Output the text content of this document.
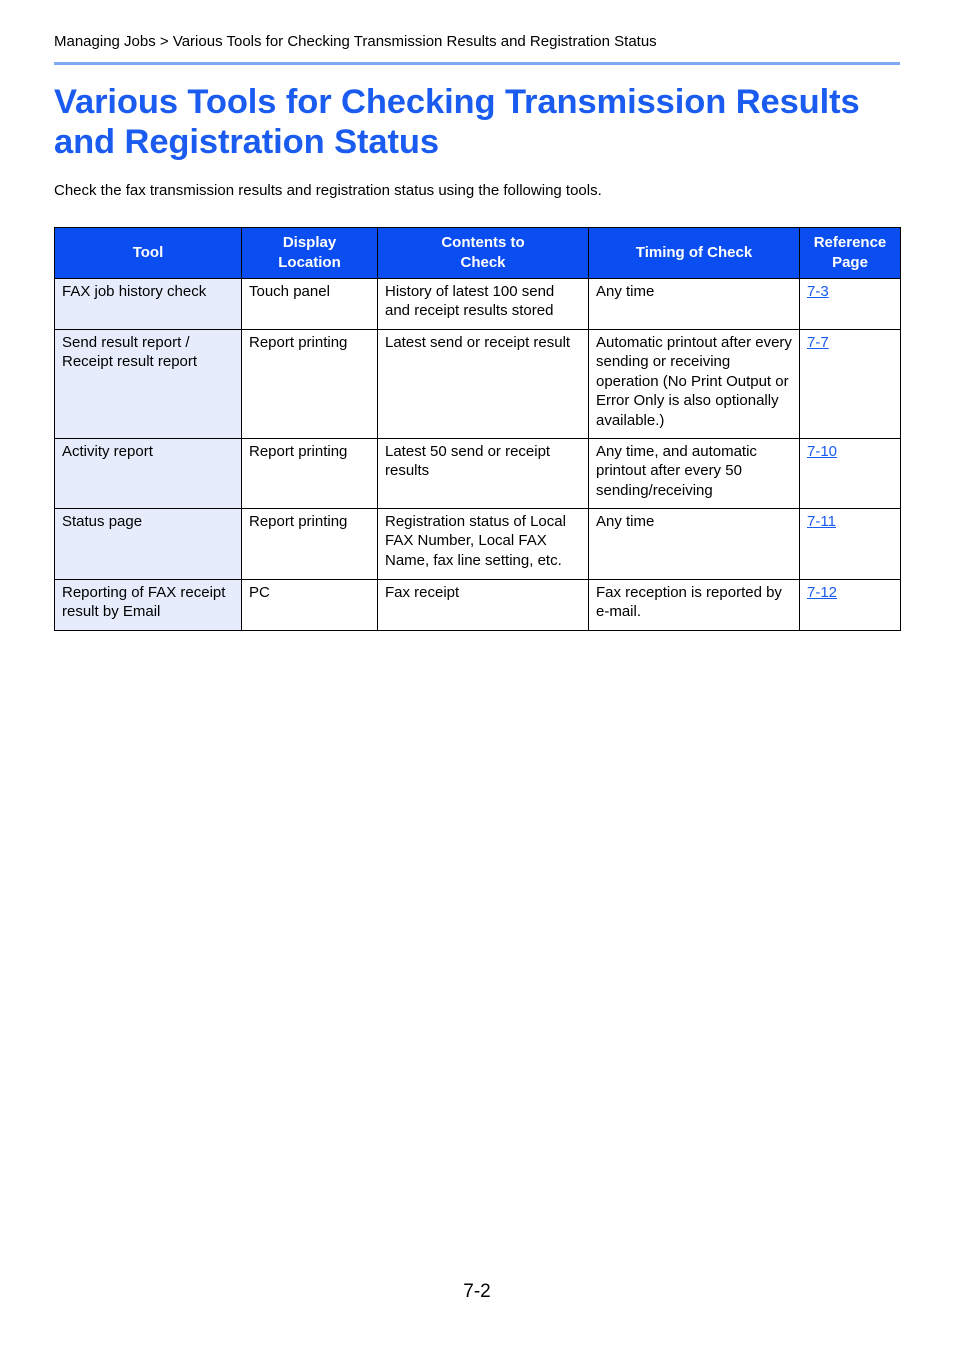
Managing Jobs > Various Tools for Checking Transmission Results and Registration Status
Various Tools for Checking Transmission Results and Registration Status
Check the fax transmission results and registration status using the following tools.
Tool	Display Location	Contents to Check	Timing of Check	Reference Page
FAX job history check	Touch panel	History of latest 100 send and receipt results stored	Any time	7-3
Send result report / Receipt result report	Report printing	Latest send or receipt result	Automatic printout after every sending or receiving operation (No Print Output or Error Only is also optionally available.)	7-7
Activity report	Report printing	Latest 50 send or receipt results	Any time, and automatic printout after every 50 sending/receiving	7-10
Status page	Report printing	Registration status of Local FAX Number, Local FAX Name, fax line setting, etc.	Any time	7-11
Reporting of FAX receipt result by Email	PC	Fax receipt	Fax reception is reported by e-mail.	7-12
7-2
